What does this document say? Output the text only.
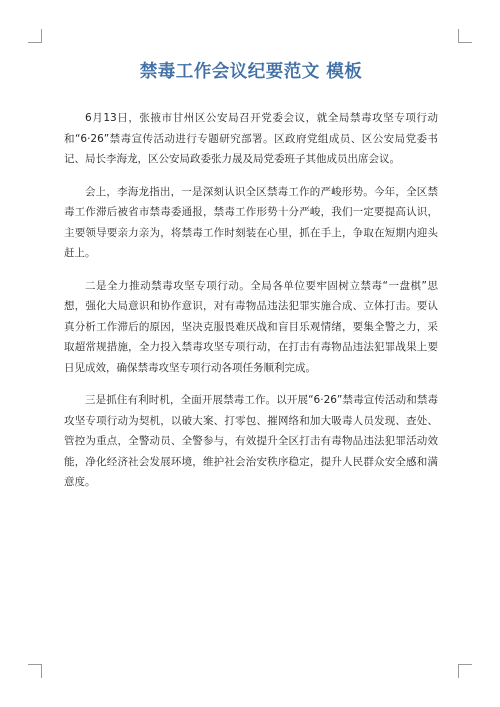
禁毒工作会议纪要范文 模板

6月13日，张掖市甘州区公安局召开党委会议，就全局禁毒攻坚专项行动和“6·26”禁毒宣传活动进行专题研究部署。区政府党组成员、区公安局党委书记、局长李海龙，区公安局政委张力晟及局党委班子其他成员出席会议。

会上，李海龙指出，一是深刻认识全区禁毒工作的严峻形势。今年，全区禁毒工作滞后被省市禁毒委通报，禁毒工作形势十分严峻，我们一定要提高认识，主要领导要亲力亲为，将禁毒工作时刻装在心里，抓在手上，争取在短期内迎头赶上。

二是全力推动禁毒攻坚专项行动。全局各单位要牢固树立禁毒“一盘棋”思想，强化大局意识和协作意识，对有毒物品违法犯罪实施合成、立体打击。要认真分析工作滞后的原因，坚决克服畏难厌战和盲目乐观情绪，要集全警之力，采取超常规措施，全力投入禁毒攻坚专项行动，在打击有毒物品违法犯罪战果上要日见成效，确保禁毒攻坚专项行动各项任务顺利完成。

三是抓住有利时机，全面开展禁毒工作。以开展“6·26”禁毒宣传活动和禁毒攻坚专项行动为契机，以破大案、打零包、摧网络和加大吸毒人员发现、查处、管控为重点，全警动员、全警参与，有效提升全区打击有毒物品违法犯罪活动效能，净化经济社会发展环境，维护社会治安秩序稳定，提升人民群众安全感和满意度。
